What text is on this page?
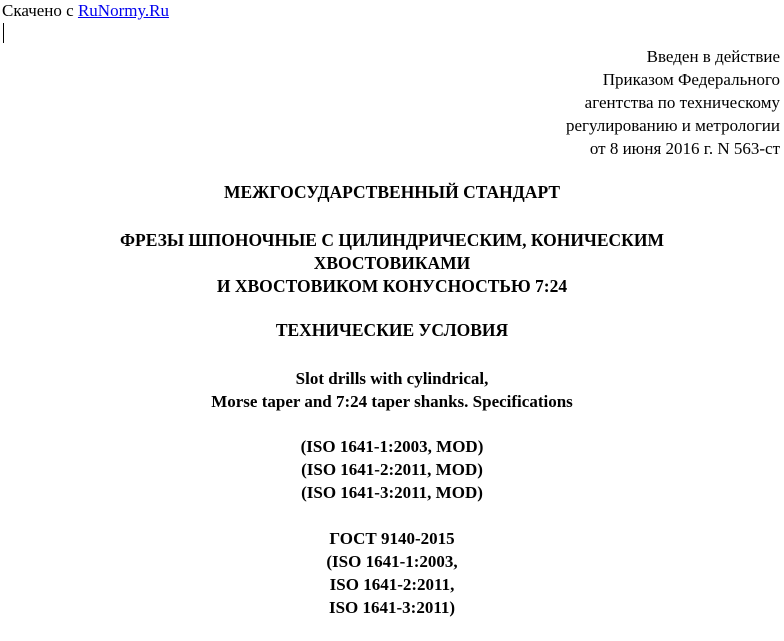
Скачено с RuNormy.Ru
Введен в действие
Приказом Федерального
агентства по техническому
регулированию и метрологии
от 8 июня 2016 г. N 563-ст
МЕЖГОСУДАРСТВЕННЫЙ СТАНДАРТ
ФРЕЗЫ ШПОНОЧНЫЕ С ЦИЛИНДРИЧЕСКИМ, КОНИЧЕСКИМ
ХВОСТОВИКАМИ
И ХВОСТОВИКОМ КОНУСНОСТЬЮ 7:24
ТЕХНИЧЕСКИЕ УСЛОВИЯ
Slot drills with cylindrical,
Morse taper and 7:24 taper shanks. Specifications
(ISO 1641-1:2003, MOD)
(ISO 1641-2:2011, MOD)
(ISO 1641-3:2011, MOD)
ГОСТ 9140-2015
(ISO 1641-1:2003,
ISO 1641-2:2011,
ISO 1641-3:2011)
